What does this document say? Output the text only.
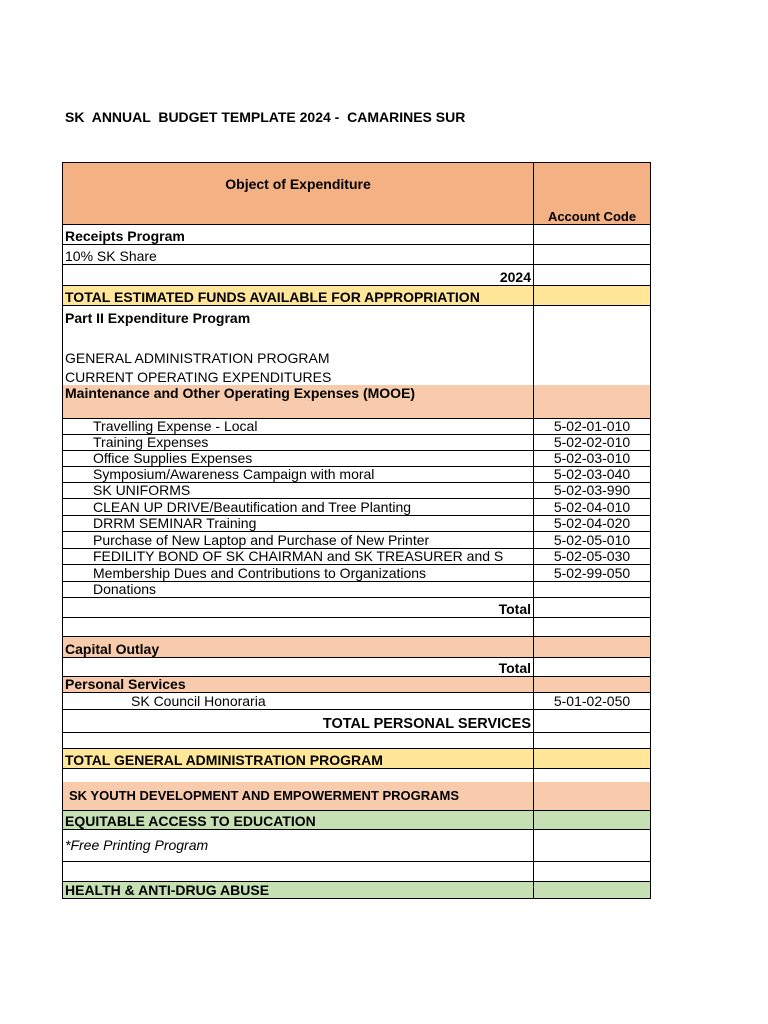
SK  ANNUAL  BUDGET TEMPLATE 2024 -  CAMARINES SUR
Object of Expenditure	Account Code
Receipts Program	
10% SK Share	
2024	
TOTAL ESTIMATED FUNDS AVAILABLE FOR APPROPRIATION	
Part II Expenditure Program	

GENERAL ADMINISTRATION PROGRAM	
CURRENT OPERATING EXPENDITURES	
Maintenance and Other Operating Expenses (MOOE)	
Travelling Expense - Local	5-02-01-010
Training Expenses	5-02-02-010
Office Supplies Expenses	5-02-03-010
Symposium/Awareness Campaign with moral	5-02-03-040
SK UNIFORMS	5-02-03-990
CLEAN UP DRIVE/Beautification and Tree Planting	5-02-04-010
DRRM SEMINAR Training	5-02-04-020
Purchase of New Laptop and Purchase of New Printer	5-02-05-010
FEDILITY BOND OF SK CHAIRMAN and SK TREASURER and S	5-02-05-030
Membership Dues and Contributions to Organizations	5-02-99-050
Donations	
Total	

Capital Outlay	
Total	
Personal Services	
SK Council Honoraria	5-01-02-050
TOTAL PERSONAL SERVICES	

TOTAL GENERAL ADMINISTRATION PROGRAM	

SK YOUTH DEVELOPMENT AND EMPOWERMENT PROGRAMS	
EQUITABLE ACCESS TO EDUCATION	
*Free Printing Program	

HEALTH & ANTI-DRUG ABUSE	
